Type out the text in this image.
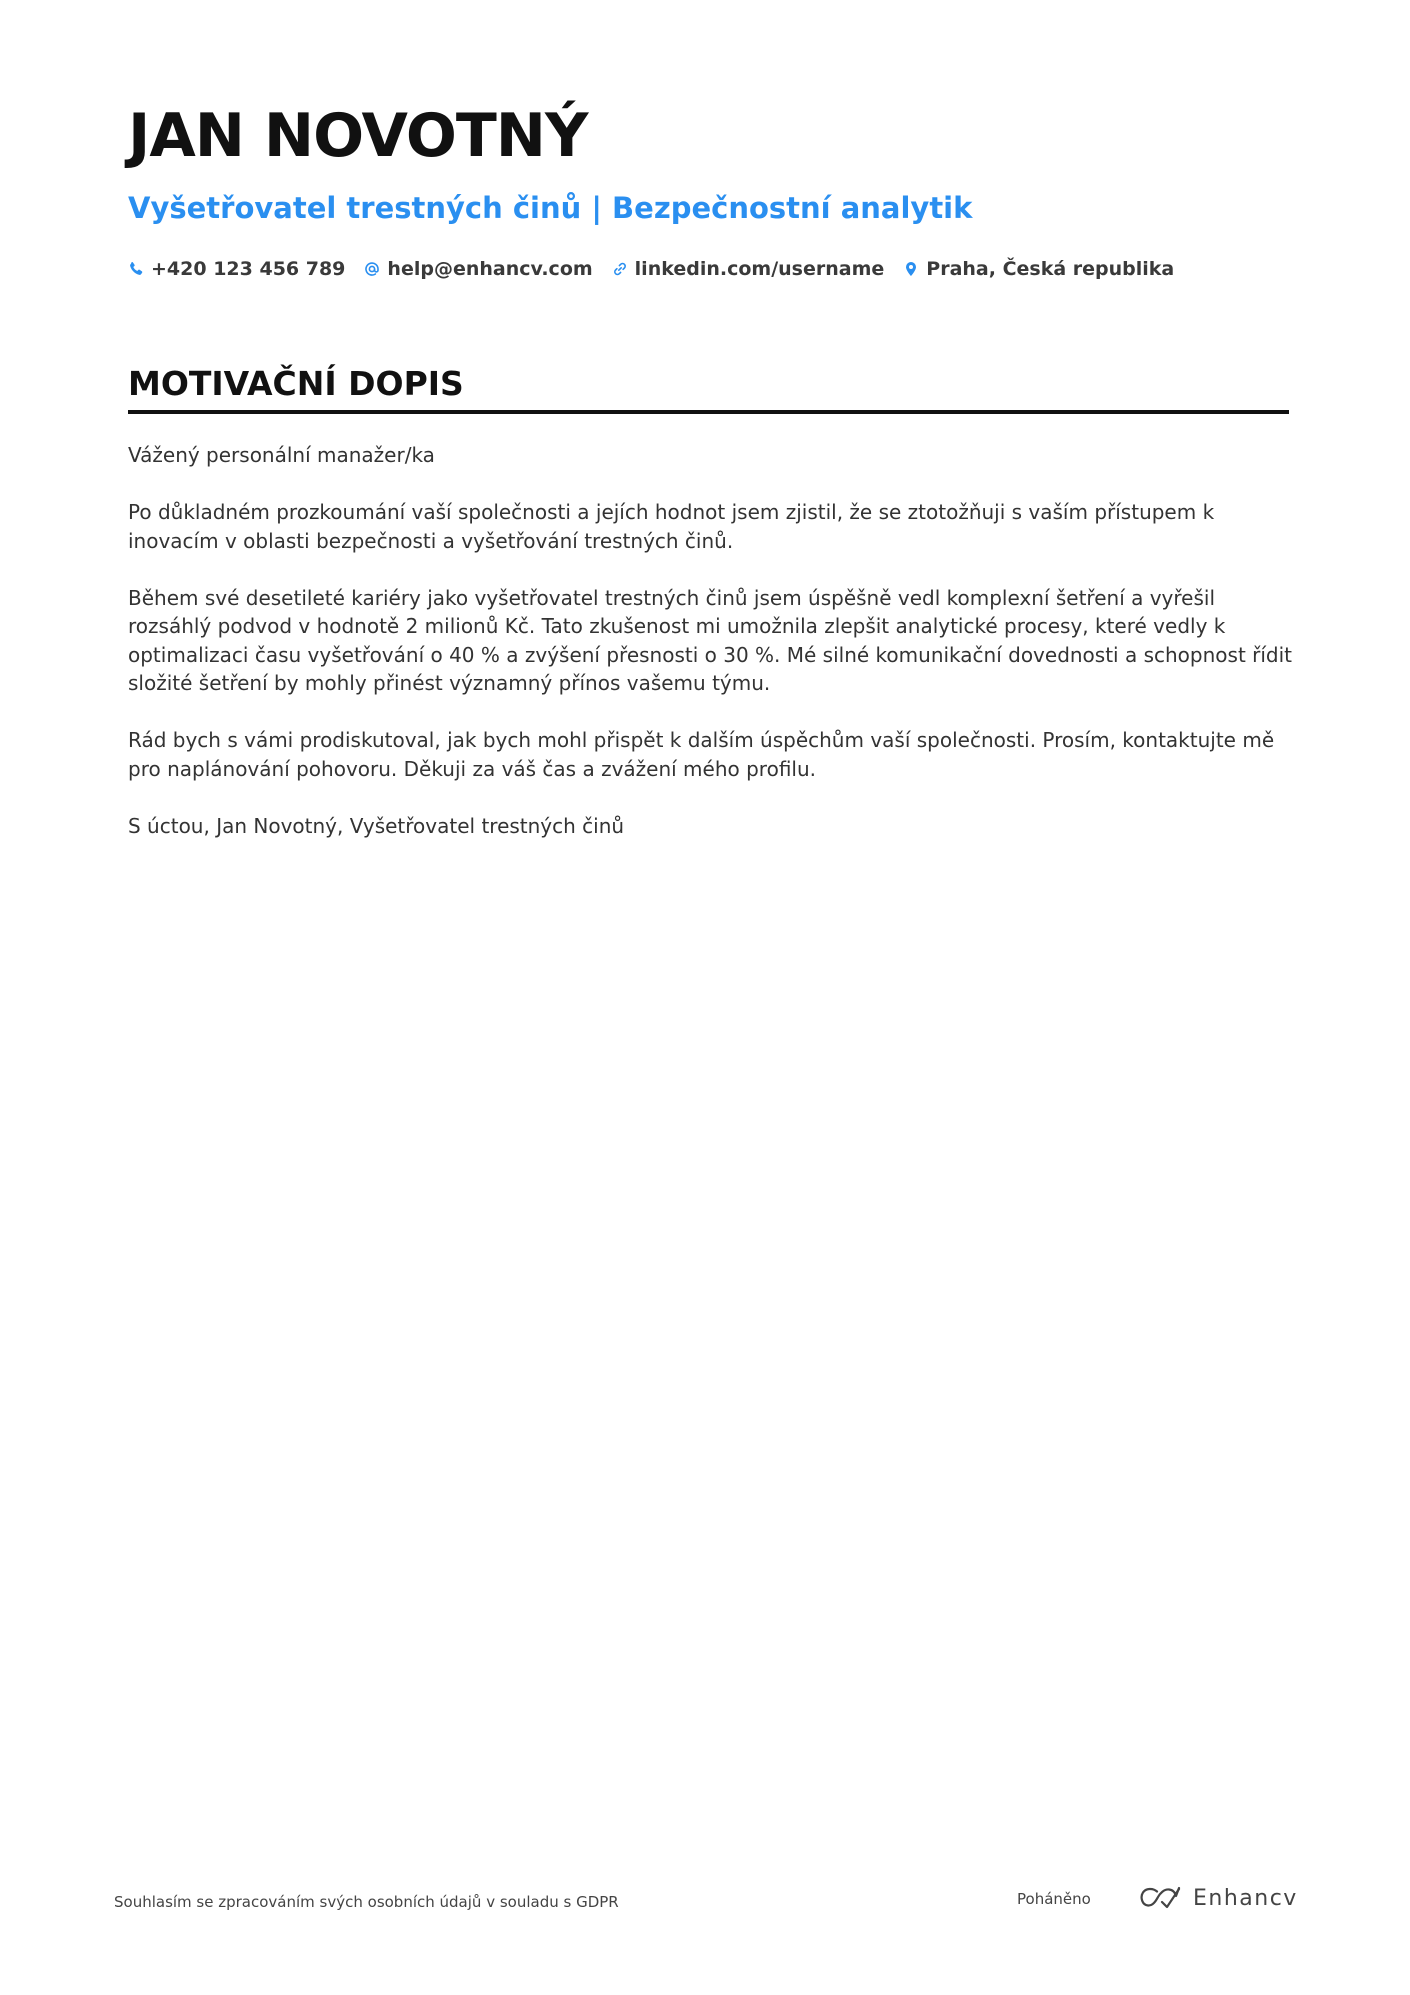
JAN NOVOTNÝ
Vyšetřovatel trestných činů | Bezpečnostní analytik
+420 123 456 789 help@enhancv.com linkedin.com/username Praha, Česká republika
MOTIVAČNÍ DOPIS

Vážený personální manažer/ka

Po důkladném prozkoumání vaší společnosti a jejích hodnot jsem zjistil, že se ztotožňuji s vaším přístupem k inovacím v oblasti bezpečnosti a vyšetřování trestných činů.

Během své desetileté kariéry jako vyšetřovatel trestných činů jsem úspěšně vedl komplexní šetření a vyřešil rozsáhlý podvod v hodnotě 2 milionů Kč. Tato zkušenost mi umožnila zlepšit analytické procesy, které vedly k optimalizaci času vyšetřování o 40 % a zvýšení přesnosti o 30 %. Mé silné komunikační dovednosti a schopnost řídit složité šetření by mohly přinést významný přínos vašemu týmu.

Rád bych s vámi prodiskutoval, jak bych mohl přispět k dalším úspěchům vaší společnosti. Prosím, kontaktujte mě pro naplánování pohovoru. Děkuji za váš čas a zvážení mého profilu.

S úctou, Jan Novotný, Vyšetřovatel trestných činů

Souhlasím se zpracováním svých osobních údajů v souladu s GDPR	Poháněno	Enhancv
